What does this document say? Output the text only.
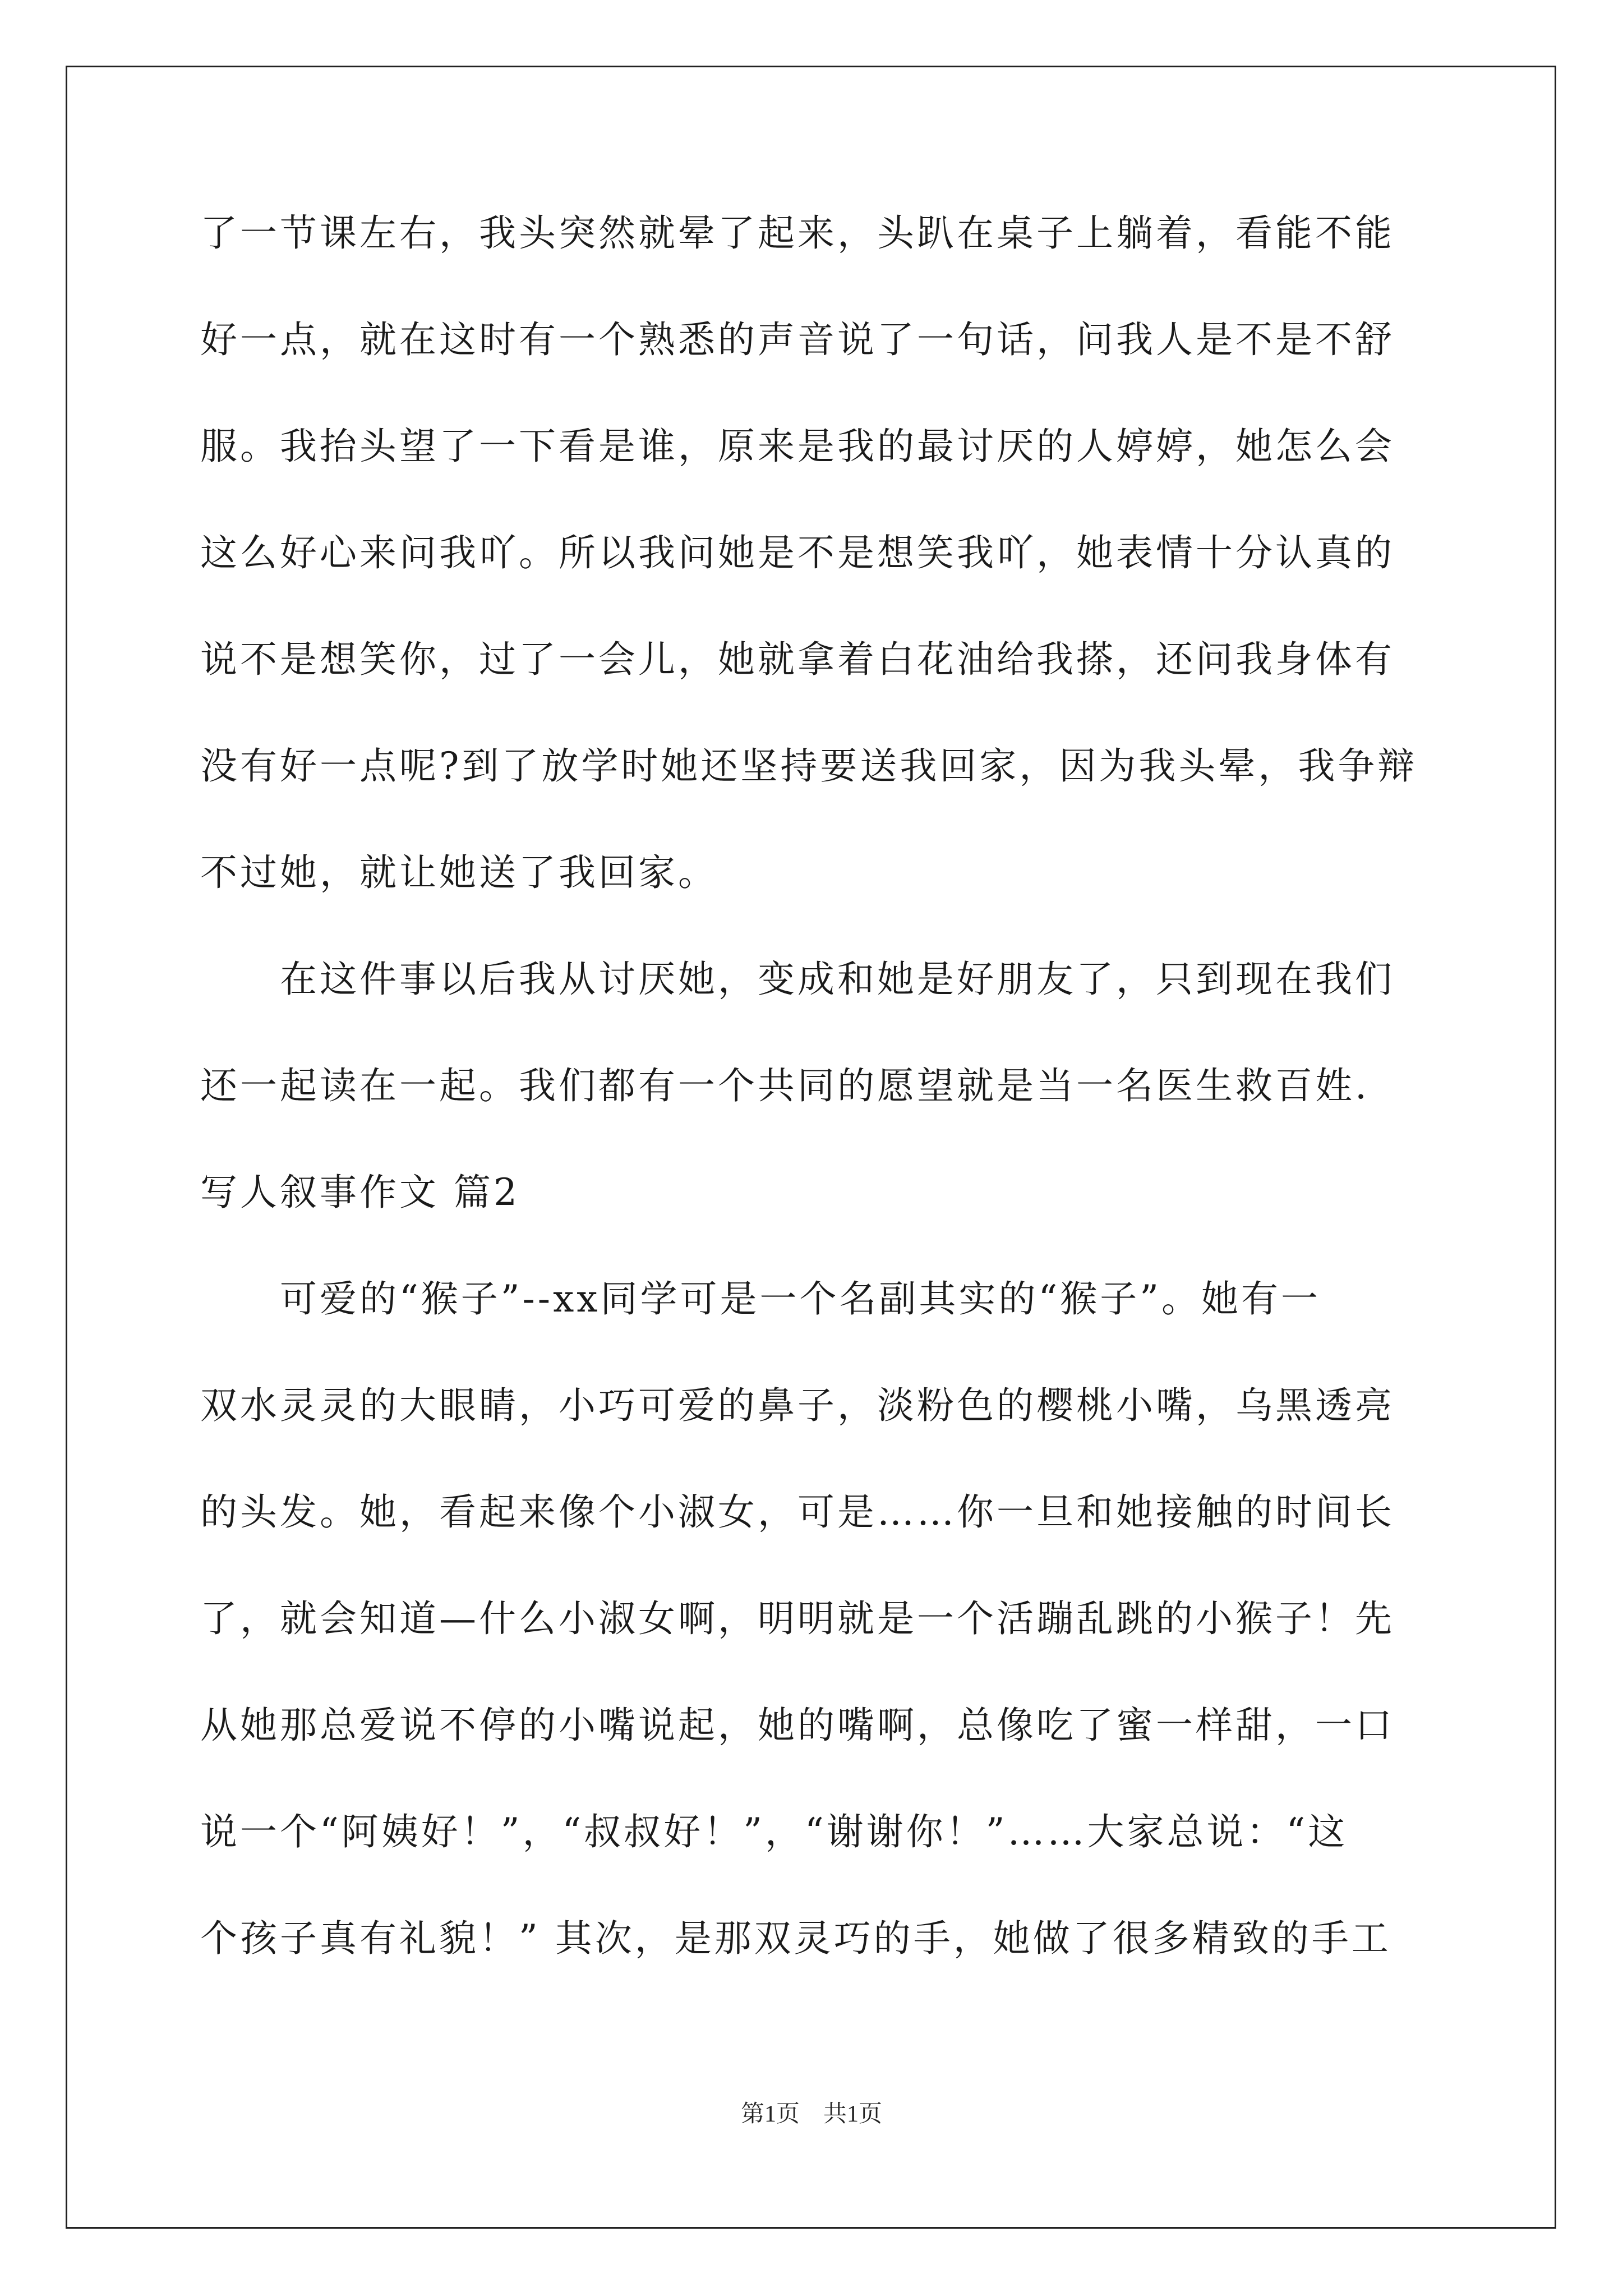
了一节课左右，我头突然就晕了起来，头趴在桌子上躺着，看能不能
好一点，就在这时有一个熟悉的声音说了一句话，问我人是不是不舒
服。我抬头望了一下看是谁，原来是我的最讨厌的人婷婷，她怎么会
这么好心来问我吖。所以我问她是不是想笑我吖，她表情十分认真的
说不是想笑你，过了一会儿，她就拿着白花油给我搽，还问我身体有
没有好一点呢?到了放学时她还坚持要送我回家，因为我头晕，我争辩
不过她，就让她送了我回家。
　　在这件事以后我从讨厌她，变成和她是好朋友了，只到现在我们
还一起读在一起。我们都有一个共同的愿望就是当一名医生救百姓.
写人叙事作文 篇2
　　可爱的“猴子”--xx同学可是一个名副其实的“猴子”。她有一
双水灵灵的大眼睛，小巧可爱的鼻子，淡粉色的樱桃小嘴，乌黑透亮
的头发。她，看起来像个小淑女，可是……你一旦和她接触的时间长
了，就会知道—什么小淑女啊，明明就是一个活蹦乱跳的小猴子！先
从她那总爱说不停的小嘴说起，她的嘴啊，总像吃了蜜一样甜，一口
说一个“阿姨好！”，“叔叔好！”，“谢谢你！”……大家总说：“这
个孩子真有礼貌！” 其次，是那双灵巧的手，她做了很多精致的手工
第1页　共1页
